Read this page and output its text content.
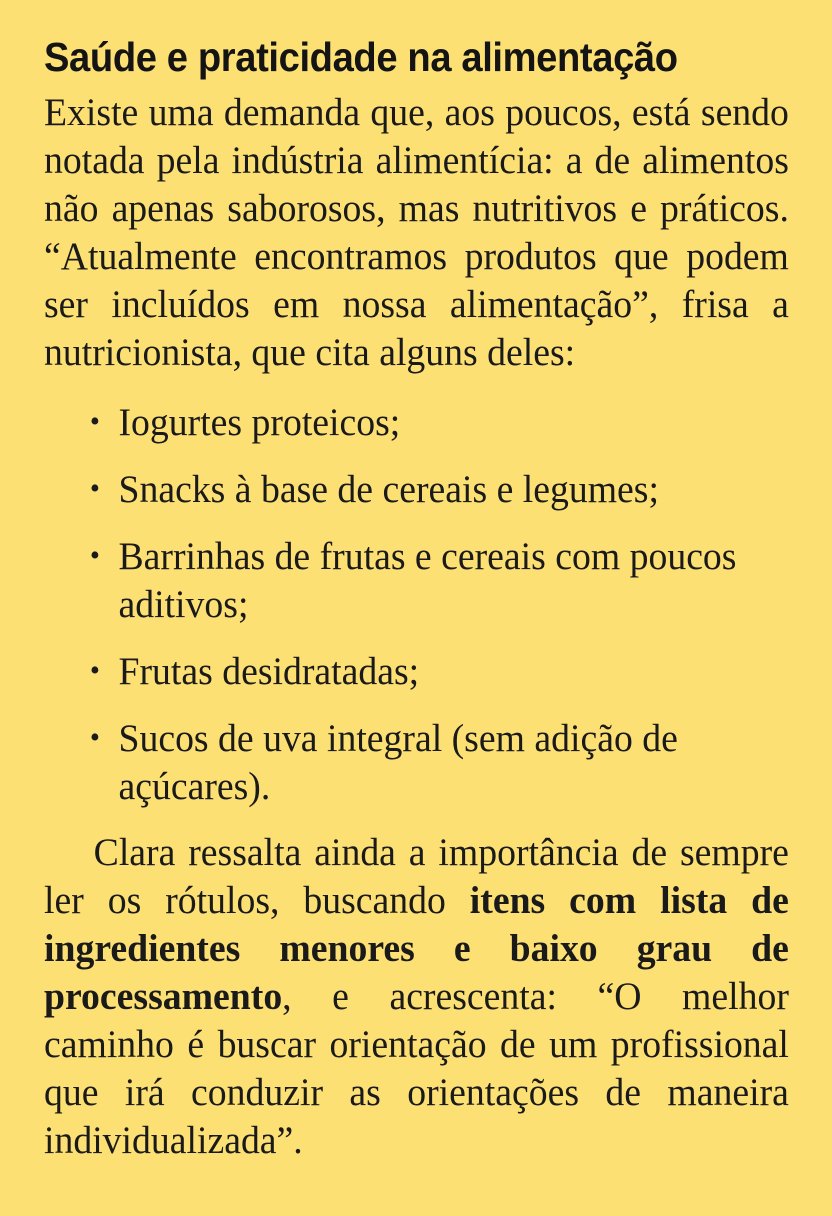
Saúde e praticidade na alimentação

Existe uma demanda que, aos poucos, está sendo notada pela indústria alimentícia: a de alimentos não apenas saborosos, mas nutritivos e práticos. “Atualmente encontramos produtos que podem ser incluídos em nossa alimentação”, frisa a nutricionista, que cita alguns deles:

• Iogurtes proteicos;
• Snacks à base de cereais e legumes;
• Barrinhas de frutas e cereais com poucos aditivos;
• Frutas desidratadas;
• Sucos de uva integral (sem adição de açúcares).

Clara ressalta ainda a importância de sempre ler os rótulos, buscando itens com lista de ingredientes menores e baixo grau de processamento, e acrescenta: “O melhor caminho é buscar orientação de um profissional que irá conduzir as orientações de maneira individualizada”.
